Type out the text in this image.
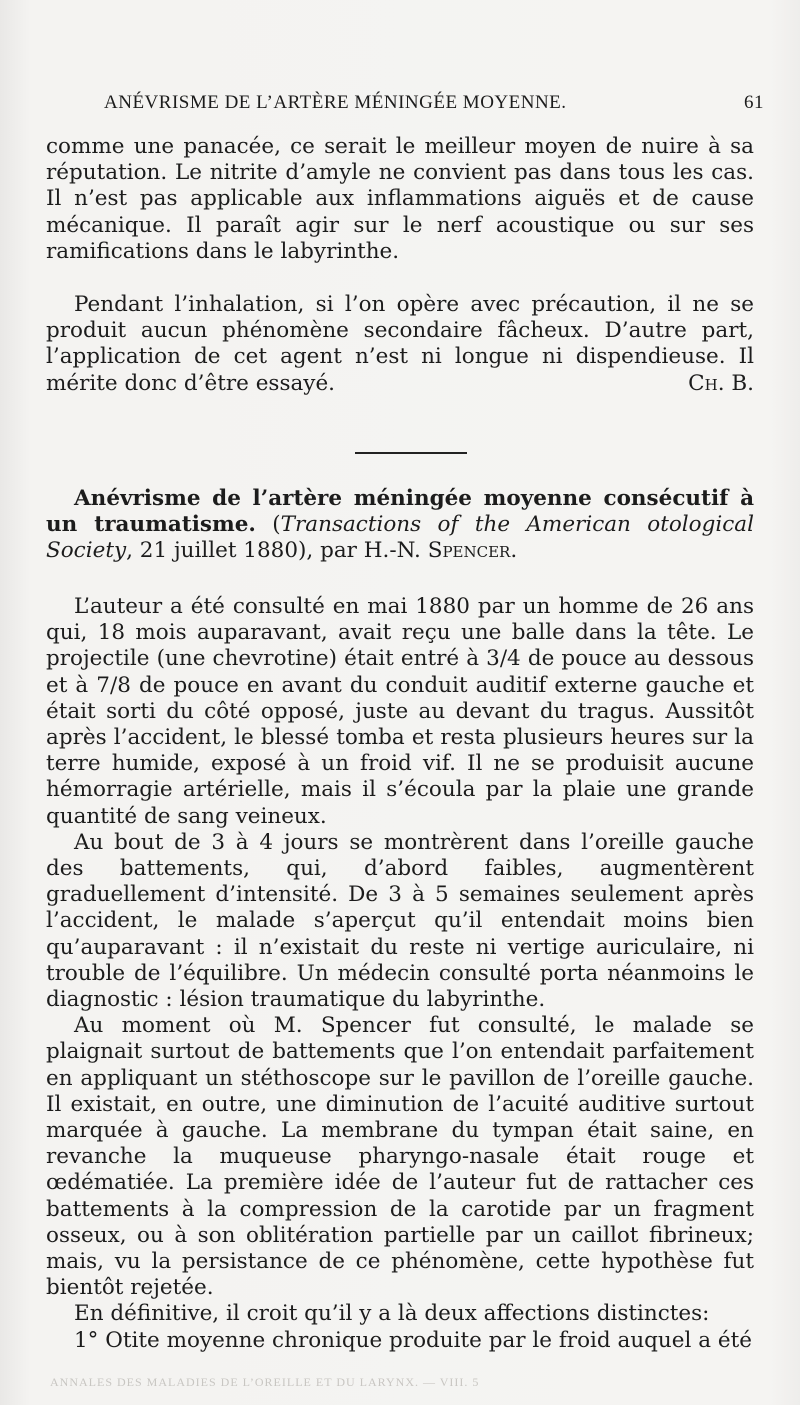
ANÉVRISME DE L’ARTÈRE MÉNINGÉE MOYENNE.	61
comme une panacée, ce serait le meilleur moyen de nuire à sa réputation. Le nitrite d’amyle ne convient pas dans tous les cas. Il n’est pas applicable aux inflammations aiguës et de cause mécanique. Il paraît agir sur le nerf acoustique ou sur ses ramifications dans le labyrinthe.
Pendant l’inhalation, si l’on opère avec précaution, il ne se produit aucun phénomène secondaire fâcheux. D’autre part, l’application de cet agent n’est ni longue ni dispendieuse. Il mérite donc d’être essayé.	Ch. B.
Anévrisme de l’artère méningée moyenne consécutif à un traumatisme. (Transactions of the American otological Society, 21 juillet 1880), par H.-N. Spencer.

L’auteur a été consulté en mai 1880 par un homme de 26 ans qui, 18 mois auparavant, avait reçu une balle dans la tête. Le projectile (une chevrotine) était entré à 3/4 de pouce au dessous et à 7/8 de pouce en avant du conduit auditif externe gauche et était sorti du côté opposé, juste au devant du tragus. Aussitôt après l’accident, le blessé tomba et resta plusieurs heures sur la terre humide, exposé à un froid vif. Il ne se produisit aucune hémorragie artérielle, mais il s’écoula par la plaie une grande quantité de sang veineux.

Au bout de 3 à 4 jours se montrèrent dans l’oreille gauche des battements, qui, d’abord faibles, augmentèrent graduellement d’intensité. De 3 à 5 semaines seulement après l’accident, le malade s’aperçut qu’il entendait moins bien qu’auparavant : il n’existait du reste ni vertige auriculaire, ni trouble de l’équilibre. Un médecin consulté porta néanmoins le diagnostic : lésion traumatique du labyrinthe.

Au moment où M. Spencer fut consulté, le malade se plaignait surtout de battements que l’on entendait parfaitement en appliquant un stéthoscope sur le pavillon de l’oreille gauche. Il existait, en outre, une diminution de l’acuité auditive surtout marquée à gauche. La membrane du tympan était saine, en revanche la muqueuse pharyngo-nasale était rouge et œdématiée. La première idée de l’auteur fut de rattacher ces battements à la compression de la carotide par un fragment osseux, ou à son oblitération partielle par un caillot fibrineux; mais, vu la persistance de ce phénomène, cette hypothèse fut bientôt rejetée.

En définitive, il croit qu’il y a là deux affections distinctes:

1° Otite moyenne chronique produite par le froid auquel a été

ANNALES DES MALADIES DE L’OREILLE ET DU LARYNX. — VIII. 5
